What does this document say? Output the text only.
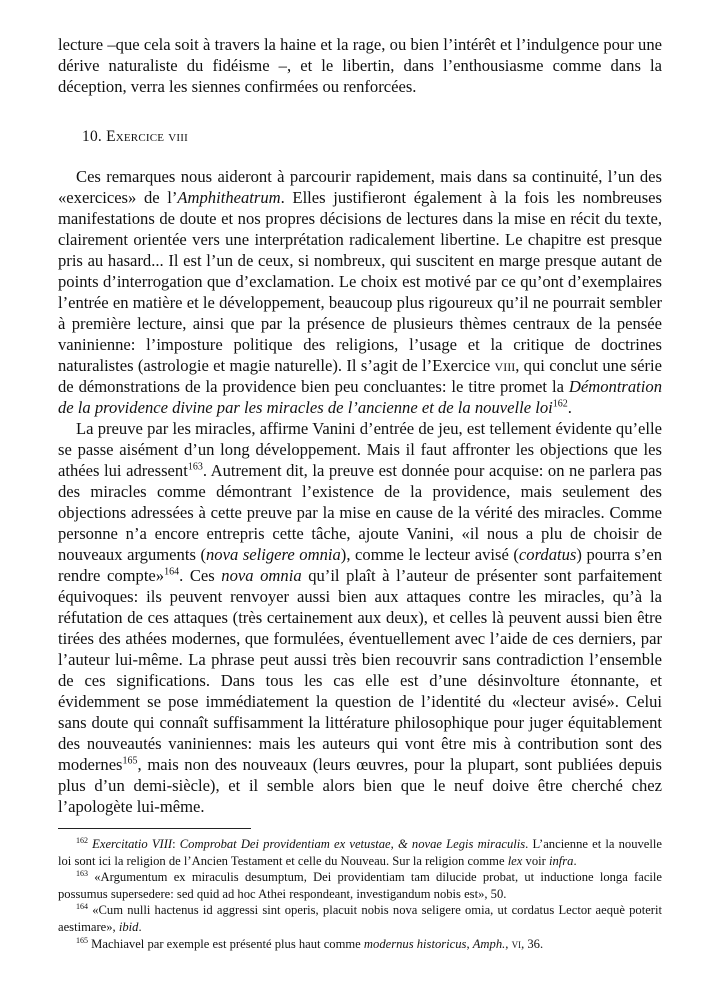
lecture –que cela soit à travers la haine et la rage, ou bien l’intérêt et l’indulgence pour une dérive naturaliste du fidéisme –, et le libertin, dans l’enthousiasme comme dans la déception, verra les siennes confirmées ou renforcées.

10. Exercice viii

Ces remarques nous aideront à parcourir rapidement, mais dans sa continuité, l’un des «exercices» de l’Amphitheatrum. Elles justifieront également à la fois les nombreuses manifestations de doute et nos propres décisions de lectures dans la mise en récit du texte, clairement orientée vers une interprétation radicalement libertine. Le chapitre est presque pris au hasard... Il est l’un de ceux, si nombreux, qui suscitent en marge presque autant de points d’interrogation que d’exclamation. Le choix est motivé par ce qu’ont d’exemplaires l’entrée en matière et le développement, beaucoup plus rigoureux qu’il ne pourrait sembler à première lecture, ainsi que par la présence de plusieurs thèmes centraux de la pensée vaninienne: l’imposture politique des religions, l’usage et la critique de doctrines naturalistes (astrologie et magie naturelle). Il s’agit de l’Exercice viii, qui conclut une série de démonstrations de la providence bien peu concluantes: le titre promet la Démontration de la providence divine par les miracles de l’ancienne et de la nouvelle loi$^{162}$.

La preuve par les miracles, affirme Vanini d’entrée de jeu, est tellement évidente qu’elle se passe aisément d’un long développement. Mais il faut affronter les objections que les athées lui adressent$^{163}$. Autrement dit, la preuve est donnée pour acquise: on ne parlera pas des miracles comme démontrant l’existence de la providence, mais seulement des objections adressées à cette preuve par la mise en cause de la vérité des miracles. Comme personne n’a encore entrepris cette tâche, ajoute Vanini, «il nous a plu de choisir de nouveaux arguments (nova seligere omnia), comme le lecteur avisé (cordatus) pourra s’en rendre compte»$^{164}$. Ces nova omnia qu’il plaît à l’auteur de présenter sont parfaitement équivoques: ils peuvent renvoyer aussi bien aux attaques contre les miracles, qu’à la réfutation de ces attaques (très certainement aux deux), et celles là peuvent aussi bien être tirées des athées modernes, que formulées, éventuellement avec l’aide de ces derniers, par l’auteur lui-même. La phrase peut aussi très bien recouvrir sans contradiction l’ensemble de ces significations. Dans tous les cas elle est d’une désinvolture étonnante, et évidemment se pose immédiatement la question de l’identité du «lecteur avisé». Celui sans doute qui connaît suffisamment la littérature philosophique pour juger équitablement des nouveautés vaniniennes: mais les auteurs qui vont être mis à contribution sont des modernes$^{165}$, mais non des nouveaux (leurs œuvres, pour la plupart, sont publiées depuis plus d’un demi-siècle), et il semble alors bien que le neuf doive être cherché chez l’apologète lui-même.

$^{162}$ Exercitatio VIII: Comprobat Dei providentiam ex vetustae, & novae Legis miraculis. L’ancienne et la nouvelle loi sont ici la religion de l’Ancien Testament et celle du Nouveau. Sur la religion comme lex voir infra.

$^{163}$ «Argumentum ex miraculis desumptum, Dei providentiam tam dilucide probat, ut inductione longa facile possumus supersedere: sed quid ad hoc Athei respondeant, investigandum nobis est», 50.

$^{164}$ «Cum nulli hactenus id aggressi sint operis, placuit nobis nova seligere omia, ut cordatus Lector aequè poterit aestimare», ibid.

$^{165}$ Machiavel par exemple est présenté plus haut comme modernus historicus, Amph., vi, 36.
